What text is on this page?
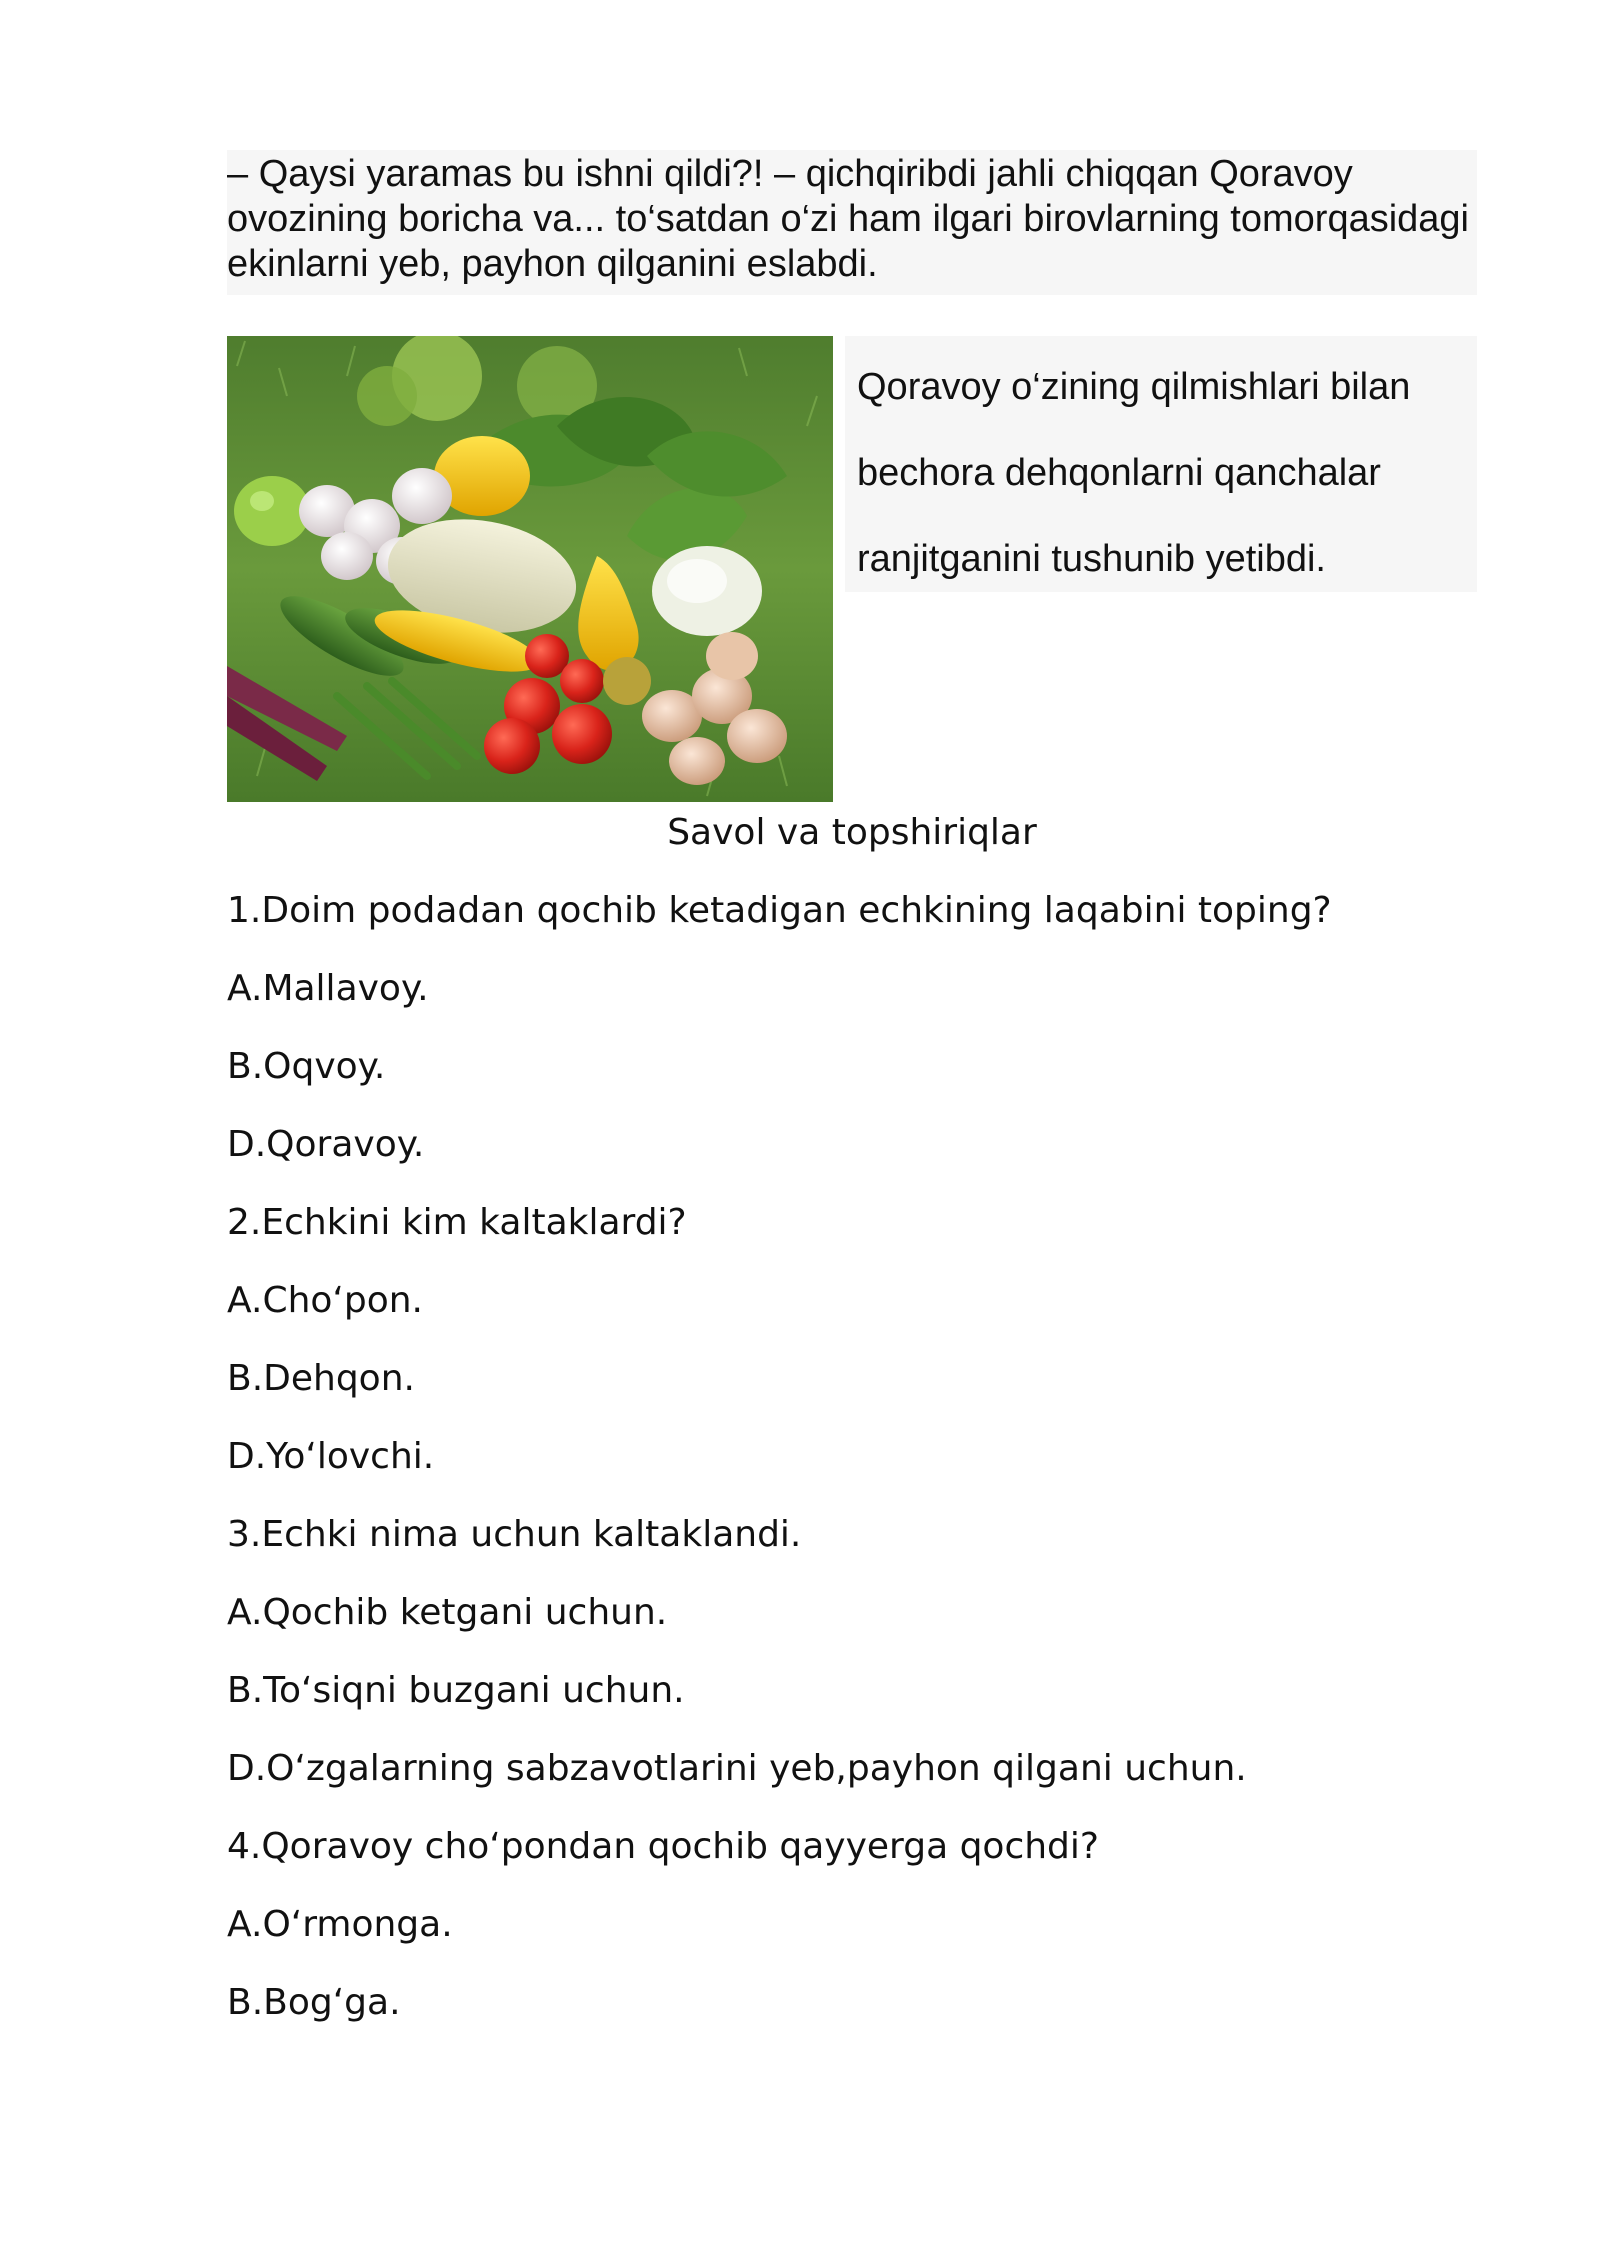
– Qaysi yaramas bu ishni qildi?! – qichqiribdi jahli chiqqan Qoravoy ovozining boricha va... to‘satdan o‘zi ham ilgari birovlarning tomorqasidagi ekinlarni yeb, payhon qilganini eslabdi.

Qoravoy o‘zining qilmishlari bilan
bechora dehqonlarni qanchalar
ranjitganini tushunib yetibdi.
Savol va topshiriqlar
1.Doim podadan qochib ketadigan echkining laqabini toping?
A.Mallavoy.
B.Oqvoy.
D.Qoravoy.
2.Echkini kim kaltaklardi?
A.Cho‘pon.
B.Dehqon.
D.Yo‘lovchi.
3.Echki nima uchun kaltaklandi.
A.Qochib ketgani uchun.
B.To‘siqni buzgani uchun.
D.O‘zgalarning sabzavotlarini yeb,payhon qilgani uchun.
4.Qoravoy cho‘pondan qochib qayyerga qochdi?
A.O‘rmonga.
B.Bog‘ga.
